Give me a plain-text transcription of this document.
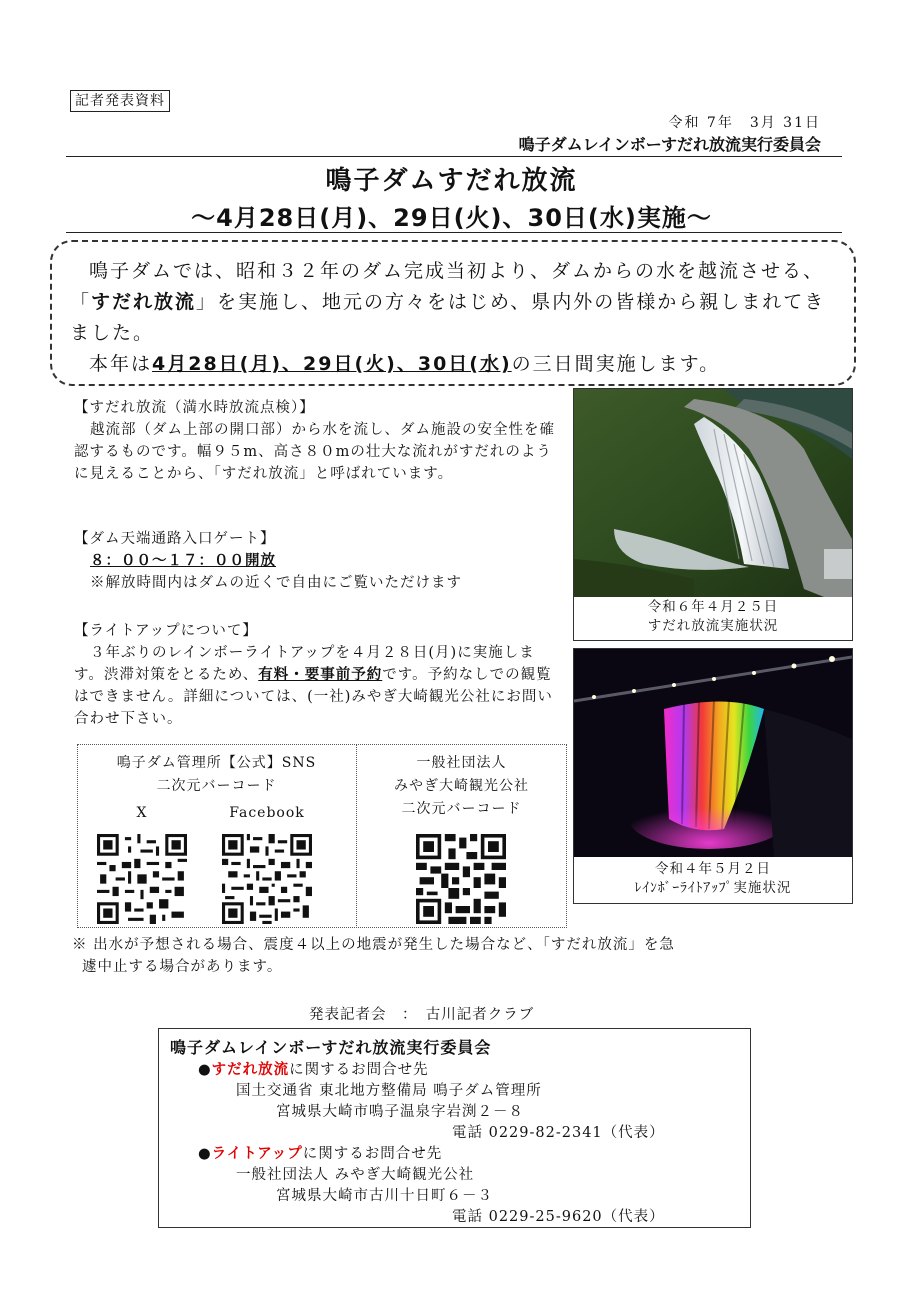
記者発表資料
令和 7年　3月 31日
鳴子ダムレインボーすだれ放流実行委員会
鳴子ダムすだれ放流
～4月28日(月)、29日(火)、30日(水)実施～

鳴子ダムでは、昭和３２年のダム完成当初より、ダムからの水を越流させる、「すだれ放流」を実施し、地元の方々をはじめ、県内外の皆様から親しまれてきました。

本年は4月28日(月)、29日(火)、30日(水)の三日間実施します。

【すだれ放流（満水時放流点検）】

越流部（ダム上部の開口部）から水を流し、ダム施設の安全性を確認するものです。幅９５m、高さ８０mの壮大な流れがすだれのように見えることから、「すだれ放流」と呼ばれています。

【ダム天端通路入口ゲート】

８：００～１７：００開放

※解放時間内はダムの近くで自由にご覧いただけます

【ライトアップについて】

３年ぶりのレインボーライトアップを４月２８日(月)に実施します。渋滞対策をとるため、有料・要事前予約です。予約なしでの観覧はできません。詳細については、(一社)みやぎ大崎観光公社にお問い合わせ下さい。

鳴子ダム管理所【公式】SNS
二次元バーコード
X	Facebook
一般社団法人
みやぎ大崎観光公社
二次元バーコード
令和６年４月２５日
すだれ放流実施状況
令和４年５月２日
ﾚｲﾝﾎﾞｰﾗｲﾄｱｯﾌﾟ実施状況

※ 出水が予想される場合、震度４以上の地震が発生した場合など、「すだれ放流」を急

遽中止する場合があります。

発表記者会　：　古川記者クラブ
鳴子ダムレインボーすだれ放流実行委員会
●すだれ放流に関するお問合せ先
国土交通省 東北地方整備局 鳴子ダム管理所
宮城県大崎市鳴子温泉字岩渕２－８
電話 0229-82-2341（代表）
●ライトアップに関するお問合せ先
一般社団法人 みやぎ大崎観光公社
宮城県大崎市古川十日町６－３
電話 0229-25-9620（代表）
